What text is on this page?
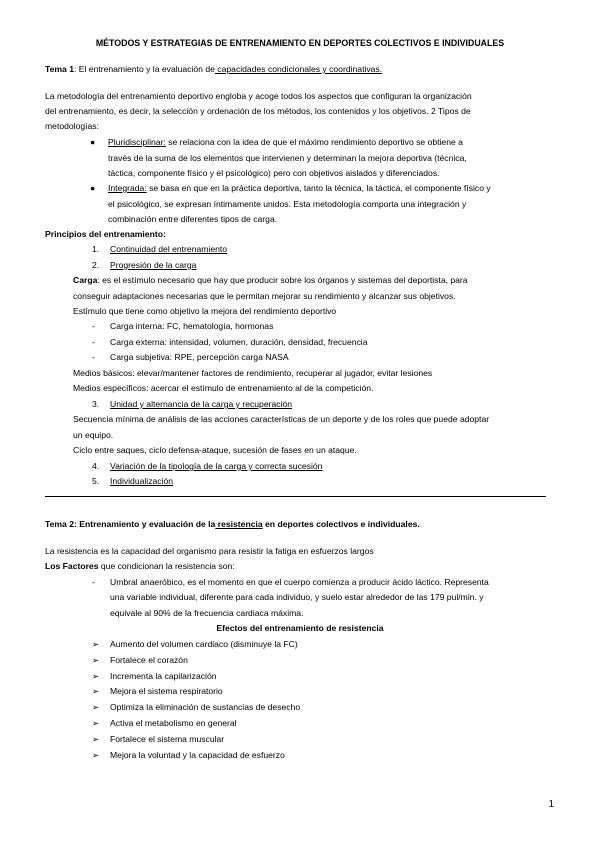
MÉTODOS Y ESTRATEGIAS DE ENTRENAMIENTO EN DEPORTES COLECTIVOS E INDIVIDUALES
Tema 1: El entrenamiento y la evaluación de capacidades condicionales y coordinativas.
La metodología del entrenamiento deportivo engloba y acoge todos los aspectos que configuran la organización
del entrenamiento, es decir, la selección y ordenación de los métodos, los contenidos y los objetivos. 2 Tipos de
metodologías:
● Pluridisciplinar: se relaciona con la idea de que el máximo rendimiento deportivo se obtiene a
través de la suma de los elementos que intervienen y determinan la mejora deportiva (técnica,
táctica, componente físico y el psicológico) pero con objetivos aislados y diferenciados.
● Integrada: se basa en que en la práctica deportiva, tanto la técnica, la táctica, el componente físico y
el psicológico, se expresan íntimamente unidos. Esta metodología comporta una integración y
combinación entre diferentes tipos de carga.
Principios del entrenamiento:
1. Continuidad del entrenamiento
2. Progresión de la carga
Carga: es el estímulo necesario que hay que producir sobre los órganos y sistemas del deportista, para
conseguir adaptaciones necesarias que le permitan mejorar su rendimiento y alcanzar sus objetivos.
Estímulo que tiene como objetivo la mejora del rendimiento deportivo
- Carga interna: FC, hematología, hormonas
- Carga externa: intensidad, volumen, duración, densidad, frecuencia
- Carga subjetiva: RPE, percepción carga NASA
Medios básicos: elevar/mantener factores de rendimiento, recuperar al jugador, evitar lesiones
Medios específicos: acercar el estímulo de entrenamiento al de la competición.
3. Unidad y alternancia de la carga y recuperación
Secuencia mínima de análisis de las acciones características de un deporte y de los roles que puede adoptar
un equipo.
Ciclo entre saques, ciclo defensa-ataque, sucesión de fases en un ataque.
4. Variación de la tipología de la carga y correcta sucesión
5. Individualización
Tema 2: Entrenamiento y evaluación de la resistencia en deportes colectivos e individuales.
La resistencia es la capacidad del organismo para resistir la fatiga en esfuerzos largos
Los Factores que condicionan la resistencia son:
- Umbral anaeróbico, es el momento en que el cuerpo comienza a producir ácido láctico. Representa
una variable individual, diferente para cada individuo, y suelo estar alrededor de las 179 pul/min. y
equivale al 90% de la frecuencia cardiaca máxima.
Efectos del entrenamiento de resistencia
➢ Aumento del volumen cardiaco (disminuye la FC)
➢ Fortalece el corazón
➢ Incrementa la capilarización
➢ Mejora el sistema respiratorio
➢ Optimiza la eliminación de sustancias de desecho
➢ Activa el metabolismo en general
➢ Fortalece el sistema muscular
➢ Mejora la voluntad y la capacidad de esfuerzo
1
